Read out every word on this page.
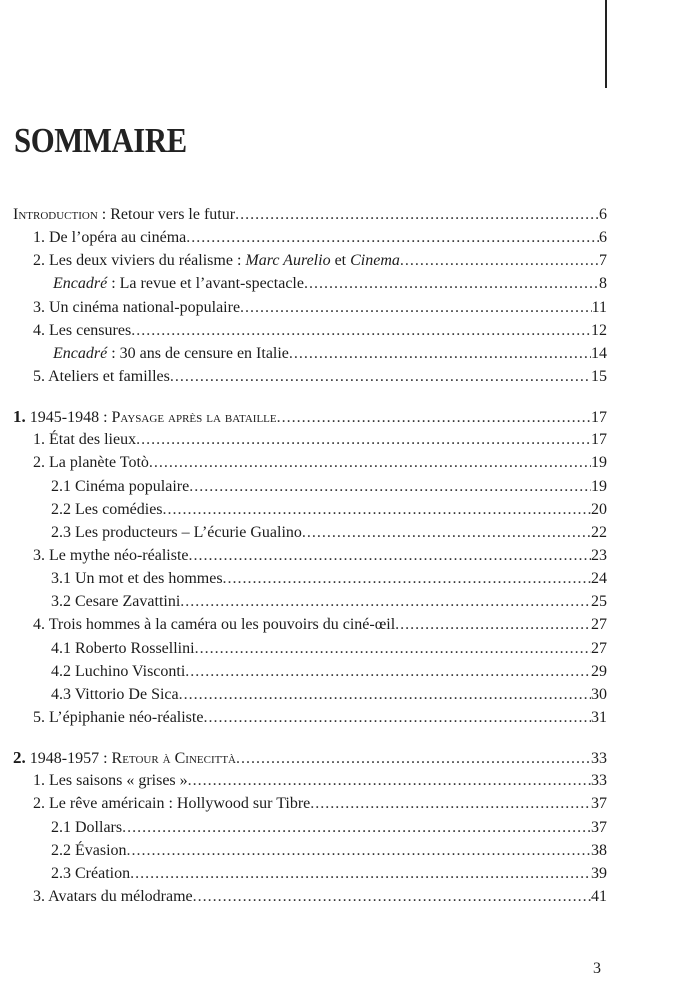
SOMMAIRE
Introduction : Retour vers le futur .....	6
1. De l’opéra au cinéma .....	6
2. Les deux viviers du réalisme : Marc Aurelio et Cinema .....	7
Encadré : La revue et l’avant-spectacle .....	8
3. Un cinéma national-populaire .....	11
4. Les censures .....	12
Encadré : 30 ans de censure en Italie .....	14
5. Ateliers et familles .....	15
1. 1945-1948 : Paysage après la bataille .....	17
1. État des lieux .....	17
2. La planète Totò .....	19
2.1 Cinéma populaire .....	19
2.2 Les comédies .....	20
2.3 Les producteurs – L’écurie Gualino .....	22
3. Le mythe néo-réaliste .....	23
3.1 Un mot et des hommes .....	24
3.2 Cesare Zavattini .....	25
4. Trois hommes à la caméra ou les pouvoirs du ciné-œil .....	27
4.1 Roberto Rossellini .....	27
4.2 Luchino Visconti .....	29
4.3 Vittorio De Sica .....	30
5. L’épiphanie néo-réaliste .....	31
2. 1948-1957 : Retour à Cinecittà .....	33
1. Les saisons « grises » .....	33
2. Le rêve américain : Hollywood sur Tibre .....	37
2.1 Dollars .....	37
2.2 Évasion .....	38
2.3 Création .....	39
3. Avatars du mélodrame .....	41
3
